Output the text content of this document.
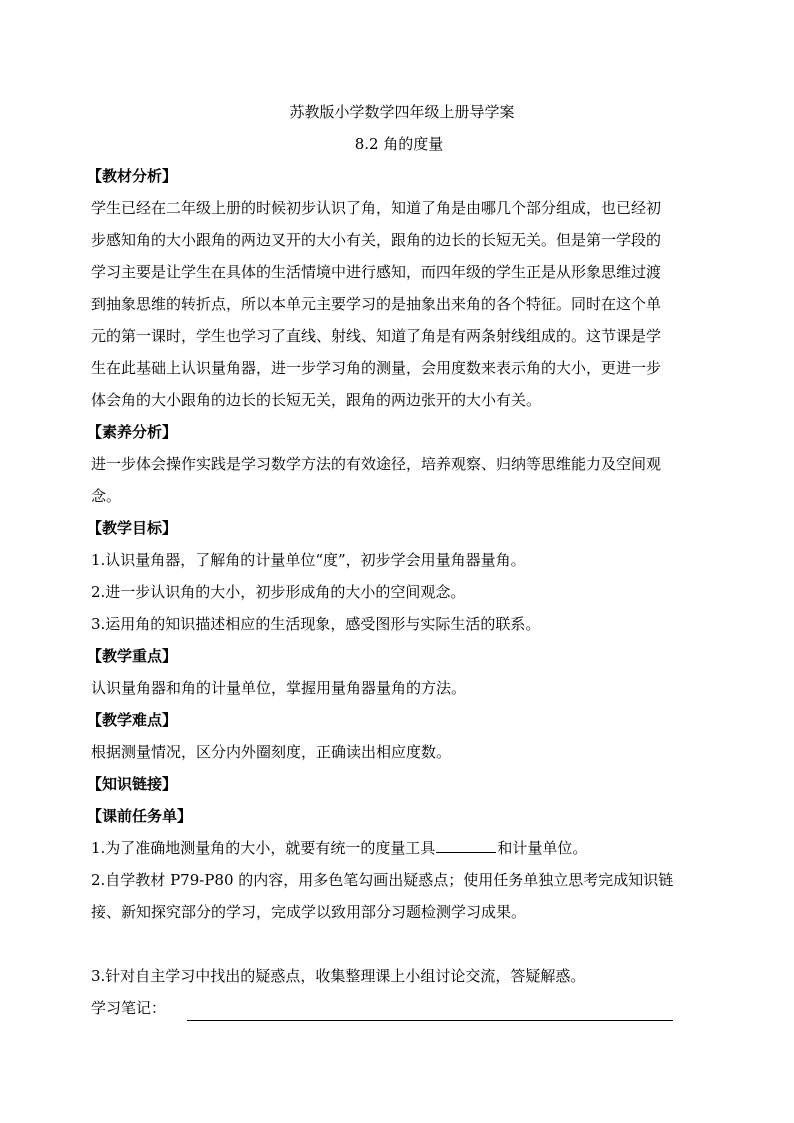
苏教版小学数学四年级上册导学案
8.2 角的度量
【教材分析】
学生已经在二年级上册的时候初步认识了角，知道了角是由哪几个部分组成，也已经初
步感知角的大小跟角的两边叉开的大小有关，跟角的边长的长短无关。但是第一学段的
学习主要是让学生在具体的生活情境中进行感知，而四年级的学生正是从形象思维过渡
到抽象思维的转折点，所以本单元主要学习的是抽象出来角的各个特征。同时在这个单
元的第一课时，学生也学习了直线、射线、知道了角是有两条射线组成的。这节课是学
生在此基础上认识量角器，进一步学习角的测量，会用度数来表示角的大小，更进一步
体会角的大小跟角的边长的长短无关，跟角的两边张开的大小有关。
【素养分析】
进一步体会操作实践是学习数学方法的有效途径，培养观察、归纳等思维能力及空间观
念。
【教学目标】
1.认识量角器，了解角的计量单位“度”，初步学会用量角器量角。
2.进一步认识角的大小，初步形成角的大小的空间观念。
3.运用角的知识描述相应的生活现象，感受图形与实际生活的联系。
【教学重点】
认识量角器和角的计量单位，掌握用量角器量角的方法。
【教学难点】
根据测量情况，区分内外圈刻度，正确读出相应度数。
【知识链接】
【课前任务单】
1.为了准确地测量角的大小，就要有统一的度量工具	和计量单位。
2.自学教材 P79-P80 的内容，用多色笔勾画出疑惑点；使用任务单独立思考完成知识链
接、新知探究部分的学习，完成学以致用部分习题检测学习成果。
3.针对自主学习中找出的疑惑点，收集整理课上小组讨论交流，答疑解惑。
学习笔记：
